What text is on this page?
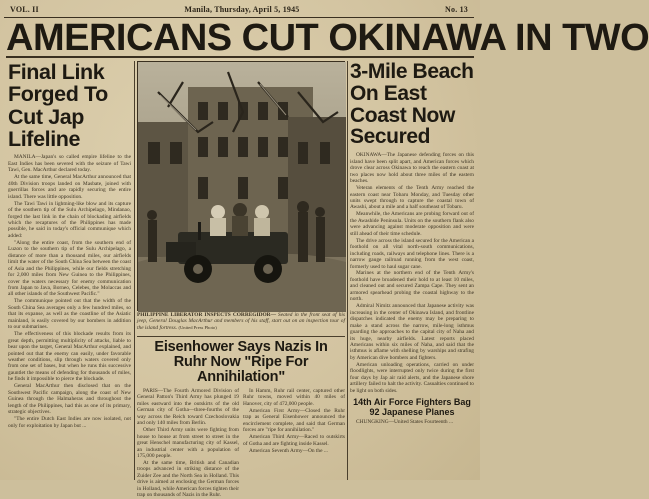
VOL. II	Manila, Thursday, April 5, 1945	No. 13
AMERICANS CUT OKINAWA IN TWO
Final Link Forged To Cut Jap Lifeline

MANILA—Japan's so called empire lifeline to the East Indies has been severed with the seizure of Tawi Tawi, Gen. MacArthur declared today.

At the same time, General MacArthur announced that 40th Division troops landed on Masbate, joined with guerrillas forces and are rapidly securing the entire island. There was little opposition.

The Tawi Tawi in lightning-like blow and its capture of the southern tip of the Sulu Archipelago, Mindanao, forged the last link in the chain of blockading airfields which the recaptures of the Philippines has made possible, he said in today's official communique which added:

"Along the entire coast, from the southern end of Luzon to the southern tip of the Sulu Archipelago, a distance of more than a thousand miles, our airfields limit the water of the South China Sea between the coast of Asia and the Philippines, while our fields stretching for 2,000 miles from New Guinea to the Philippines, cover the waters necessary for enemy communication from Japan to Java, Borneo, Celebes, the Molaccas and all other islands of the Southwest Pacific."

The communique pointed out that the width of the South China Sea averages only a few hundred miles, so that its expanse, as well as the coastline of the Asiatic mainland, is easily covered by our bombers in addition to our submarines.

The effectiveness of this blockade results from its great depth, permitting multiplicity of attacks, liable to bear upon the target, General MacArthur explained, and pointed out that the enemy can easily, under favorable weather conditions, slip through waters covered only from one set of bases, but when he runs this successive gauntlet the means of defending for thousands of miles, he finds it impossible to pierce the blockade.

General MacArthur then disclosed that on the Southwest Pacific campaign, along the coast of New Guinea through the Halmaheras and throughout the length of the Philippines, had this as one of its primary, strategic objectives.

"The entire Dutch East Indies are now isolated, not only for exploitation by Japan but ...

PHILIPPINE LIBERATOR INSPECTS CORREGIDOR— Seated in the front seat of his jeep, General Douglas MacArthur and members of his staff, start out on an inspection tour of the island fortress. (United Press Photo)
Eisenhower Says Nazis In Ruhr Now "Ripe For Annihilation"

PARIS—The Fourth Armored Division of General Patton's Third Army has plunged 19 miles eastward into the outskirts of the old German city of Gotha—three-fourths of the way across the Reich toward Czechoslovakia and only 140 miles from Berlin.

Other Third Army units were fighting from house to house at from street to street in the great Henschel manufacturing city of Kassel, an industrial center with a population of 175,000 people.

At the same time, British and Canadian troops advanced in striking distance of the Zuider Zee and the North Sea in Holland. This drive is aimed at enclosing the German forces in Holland, while American forces tighten their trap on thousands of Nazis in the Ruhr.

In Hamm, Ruhr rail center, captured other Ruhr towns, moved within 40 miles of Hanover, city of 472,000 people.

American First Army—Closed the Ruhr trap as General Eisenhower announced the encirclement complete, and said that German forces are "ripe for annihilation."

American Third Army—Raced to outskirts of Gotha and are fighting inside Kassel.

American Seventh Army—On the ...

3-Mile Beach On East Coast Now Secured

OKINAWA—The Japanese defending forces on this island have been split apart, and American forces which drove clear across Okinawa to reach the eastern coast at two places now hold about three miles of the eastern beaches.

Veteran elements of the Tenth Army reached the eastern coast near Tobaru Monday, and Tuesday other units swept through to capture the coastal town of Awashi, about a mile and a half southeast of Tobaru.

Meanwhile, the Americans are probing forward out of the Awashide Peninsula. Units on the southern flank also were advancing against moderate opposition and were still ahead of their time schedule.

The drive across the island secured for the American a foothold on all vital north-south communications, including roads, railways and telephone lines. There is a narrow gauge railroad running from the west coast, formerly used to haul sugar cane.

Marines at the northern end of the Tenth Army's foothold have broadened their hold to at least 10 miles, and cleaned out and secured Zampa Cape. They sent an armored spearhead probing the coastal highway to the north.

Admiral Nimitz announced that Japanese activity was increasing in the center of Okinawa Island, and frontline dispatches indicated the enemy may be preparing to make a stand across the narrow, mile-long isthmus guarding the approaches to the capital city of Naha and its huge, nearby airfields. Latest reports placed Americans within six miles of Naha, and said that the isthmus is aflame with shelling by warships and strafing by American dive bombers and fighters.

American unloading operations, carried on under floodlights, were interrupted only twice during the first four days by Jap air raid alerts, and the Japanese shore artillery failed to halt the activity. Casualties continued to be light on both sides.

14th Air Force Fighters Bag 92 Japanese Planes

CHUNGKING—United States Fourteenth ...
